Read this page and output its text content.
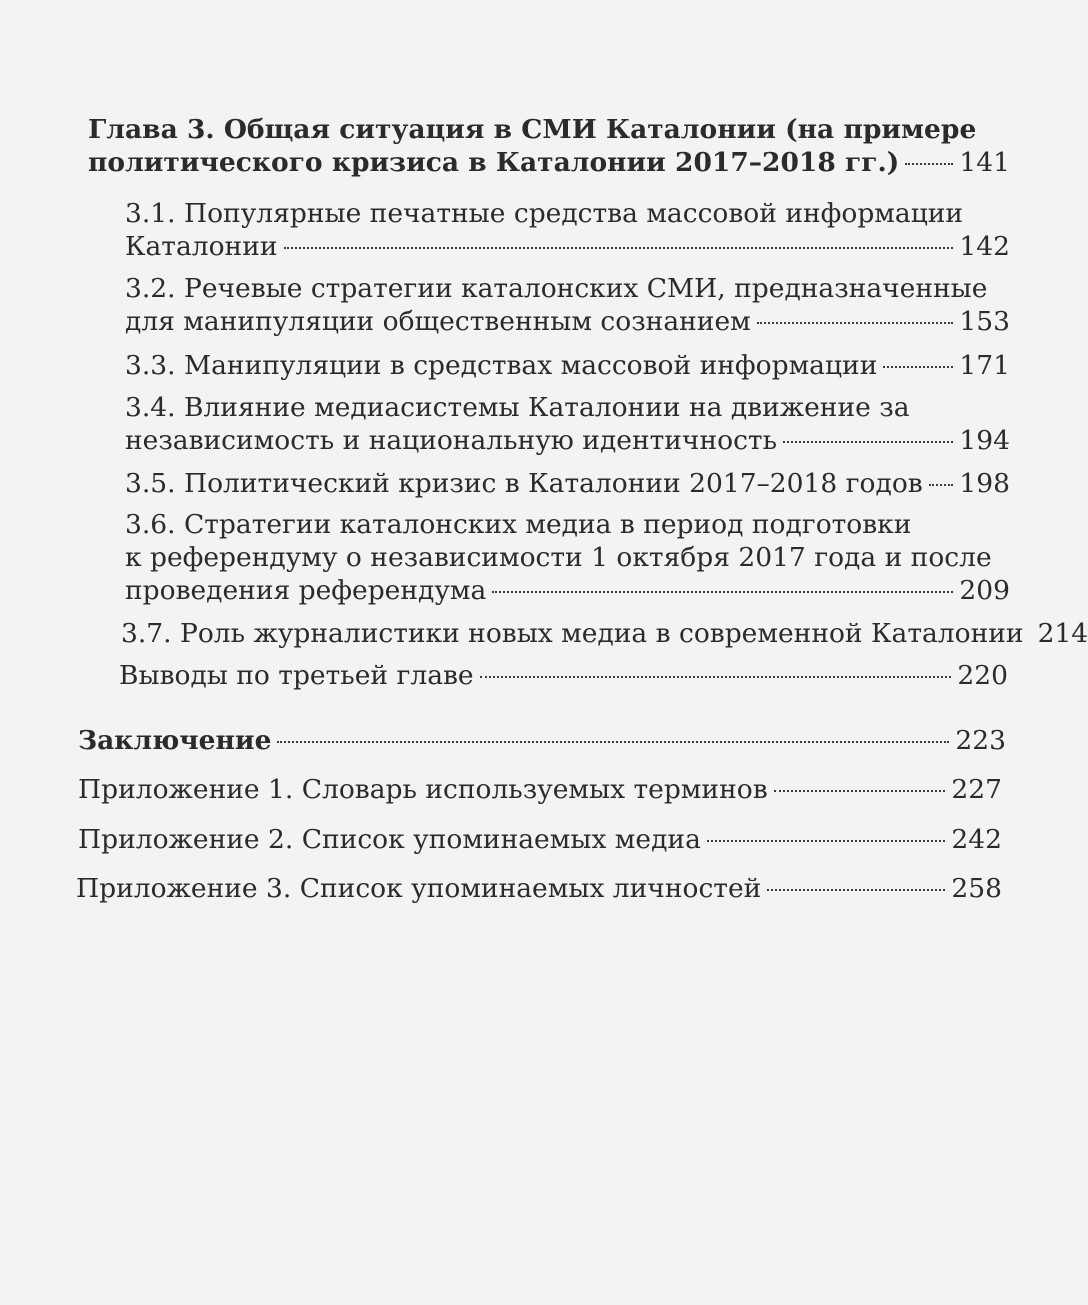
Глава 3. Общая ситуация в СМИ Каталонии (на примере
политического кризиса в Каталонии 2017–2018 гг.) 141
3.1. Популярные печатные средства массовой информации
Каталонии	142
3.2. Речевые стратегии каталонских СМИ, предназначенные
для манипуляции общественным сознанием	153
3.3. Манипуляции в средствах массовой информации	171
3.4. Влияние медиасистемы Каталонии на движение за
независимость и национальную идентичность	194
3.5. Политический кризис в Каталонии 2017–2018 годов 198
3.6. Стратегии каталонских медиа в период подготовки
к референдуму о независимости 1 октября 2017 года и после
проведения референдума	209
3.7. Роль журналистики новых медиа в современной Каталонии 214
Выводы по третьей главе	220
Заключение	223
Приложение 1. Словарь используемых терминов	227
Приложение 2. Список упоминаемых медиа	242
Приложение 3. Список упоминаемых личностей	258
